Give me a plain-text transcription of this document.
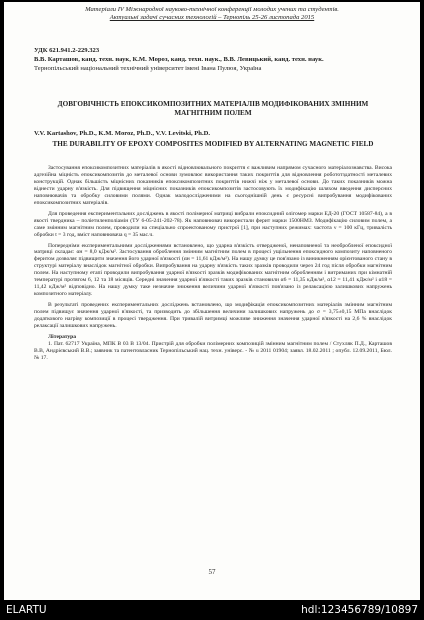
Матеріали IV Міжнародної науково-технічної конференції молодих учених та студентів.
Актуальні задачі сучасних технологій – Тернопіль 25-26 листопада 2015
УДК 621.941.2-229.323
В.В. Карташов, канд. техн. наук, К.М. Мороз, канд. техн. наук., В.В. Левицький, канд. техн. наук.
Тернопільський національний технічний університет імені Івана Пулюя, Україна
ДОВГОВІЧНІСТЬ ЕПОКСИКОМПОЗИТНИХ МАТЕРІАЛІВ МОДИФІКОВАНИХ ЗМІННИМ МАГНІТНИМ ПОЛЕМ
V.V. Kartashov, Ph.D., K.M. Moroz, Ph.D., V.V. Levitski, Ph.D.
THE DURABILITY OF EPOXY COMPOSITES MODIFIED BY ALTERNATING MAGNETIC FIELD

Застосування епоксикомпозитних матеріалів в якості відновлювального покриття є важливим напрямом сучасного матеріалознавства. Висока адгезійна міцність епоксикомпозитів до металевої основи зумовлює використання таких покриттів для відновлення робототздатності металевих конструкцій. Однак більшість міцнісних показників епоксикомпозитних покриттів нижчі ніж у металевої основи. До таких показників можна віднести ударну в'язкість. Для підвищення міцнісних показників епоксикомпозитів застосовують їх модифікацію шляхом введення дисперсних наповнювачів та обробку силовими полями. Однак малодослідженими на сьогоднішній день є ресурсні випробування модифікованих епоксикомпозитних матеріалів.

Для проведення експериментальних досліджень в якості полімерної матриці вибрали епоксидний олігомер марки ЕД-20 (ГОСТ 10587-84), а в якості твердника – поліетиленполіамін (ТУ 6-05-241-202-78). Як наповнювач використали ферит марки 1500НМЗ. Модифікацію силовим полем, а саме змінним магнітним полем, проводили на спеціально спроектованому пристрої [1], при наступних режимах: частота ν = 100 кГц, тривалість обробки t = 3 год, вміст наповнювача q = 35 мас.ч.

Попередніми експериментальними дослідженнями встановлено, що ударна в'язкість отвердженої, ненаповненої та необробленої епоксидної матриці складає: αн = 8,0 кДж/м². Застосування оброблення змінним магнітним полем в процесі ущільнення епоксидного композиту наповненого феритом дозволяє підвищити значення його ударної в'язкості (αн = 11,61 кДж/м²). На нашу думку це пов'язано із виникненням орієнтованого стану в структурі матеріалу внаслідок магнітної обробки. Випробування на ударну в'язкість таких зразків проводили через 24 год після обробки магнітним полем. На наступному етапі проводили випробування ударної в'язкості зразків модифікованих магнітним обробленням і витриманих при кімнатній температурі протягом 6, 12 та 18 місяців. Середні значення ударної в'язкості таких зразків становили α6 = 11,35 кДж/м², α12 = 11,41 кДж/м² і α18 = 11,42 кДж/м² відповідно. На нашу думку таке незначне зниження величини ударної в'язкості пов'язано із релаксацією залишкових напружень композитного матеріалу.

В результаті проведених експериментальних досліджень встановлено, що модифікація епоксикомпозитних матеріалів змінним магнітним полем підвищує значення ударної в'язкості, та призводить до збільшення величини залишкових напружень до σ = 3,75±0,15 МПа внаслідок додаткового нагріву композиції в процесі твердження. При тривалій витримці можливе зниження значення ударної в'язкості на 2,6 % внаслідок релаксації залишкових напружень.

Література

1. Пат. 62717 Україна, МПК В 03 В 13/04. Пристрій для обробки полімерних композицій змінним магнітним полем / Стухляк П.Д., Карташов В.В, Андрієвський В.В.; заявник та патентовласник Тернопільський нац. техн. універс. - № u 2011 01904; заявл. 18.02.2011 ; опубл. 12.09.2011, Бюл. № 17.

57
ELARTU	hdl:123456789/10897
